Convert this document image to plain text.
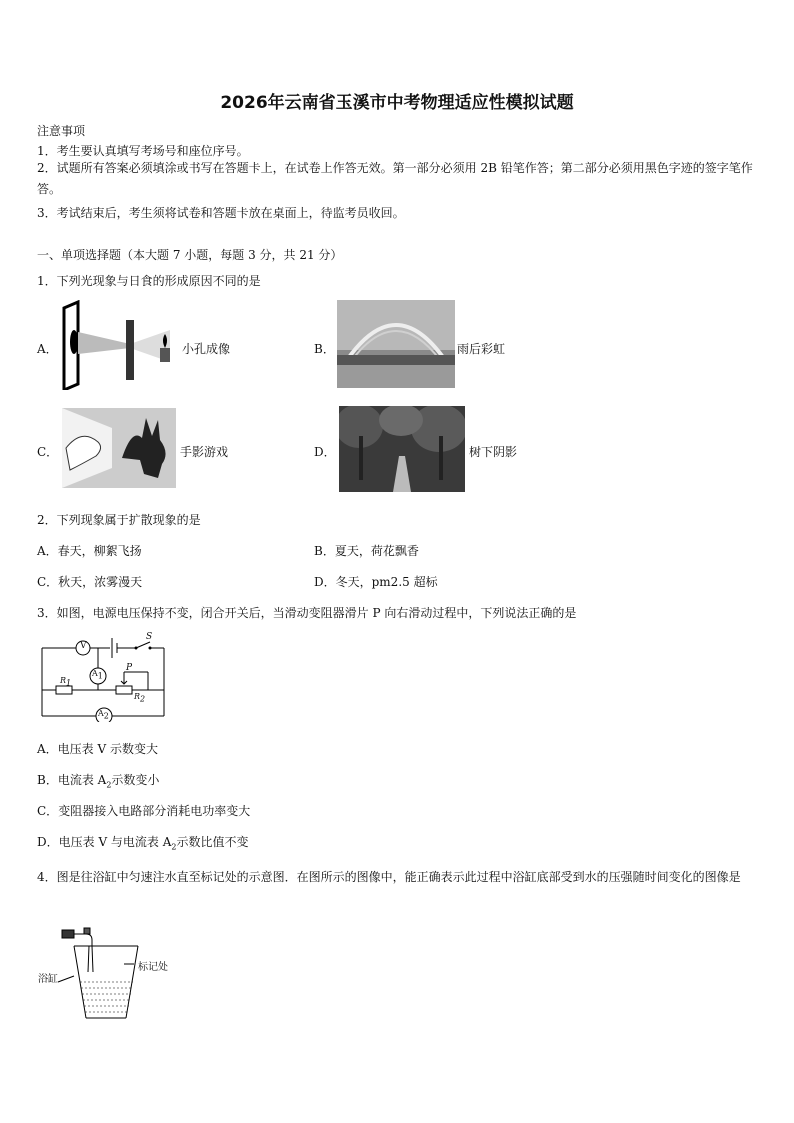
2026年云南省玉溪市中考物理适应性模拟试题
注意事项
1．考生要认真填写考场号和座位序号。
2．试题所有答案必须填涂或书写在答题卡上，在试卷上作答无效。第一部分必须用 2B 铅笔作答；第二部分必须用黑色字迹的签字笔作答。
3．考试结束后，考生须将试卷和答题卡放在桌面上，待监考员收回。
一、单项选择题（本大题 7 小题，每题 3 分，共 21 分）
1．下列光现象与日食的形成原因不同的是
A．	小孔成像	B．	雨后彩虹
C．	手影游戏	D．	树下阴影
2．下列现象属于扩散现象的是
A．春天，柳絮飞扬	B．夏天，荷花飘香
C．秋天，浓雾漫天	D．冬天，pm2.5 超标
3．如图，电源电压保持不变，闭合开关后，当滑动变阻器滑片 P 向右滑动过程中，下列说法正确的是
V
$A_1$
$A_2$
S
P
$R_1$
$R_2$
A．电压表 V 示数变大
B．电流表 $A_2$示数变小
C．变阻器接入电路部分消耗电功率变大
D．电压表 V 与电流表 $A_2$示数比值不变
4．图是往浴缸中匀速注水直至标记处的示意图．在图所示的图像中，能正确表示此过程中浴缸底部受到水的压强随时间变化的图像是
浴缸
标记处
